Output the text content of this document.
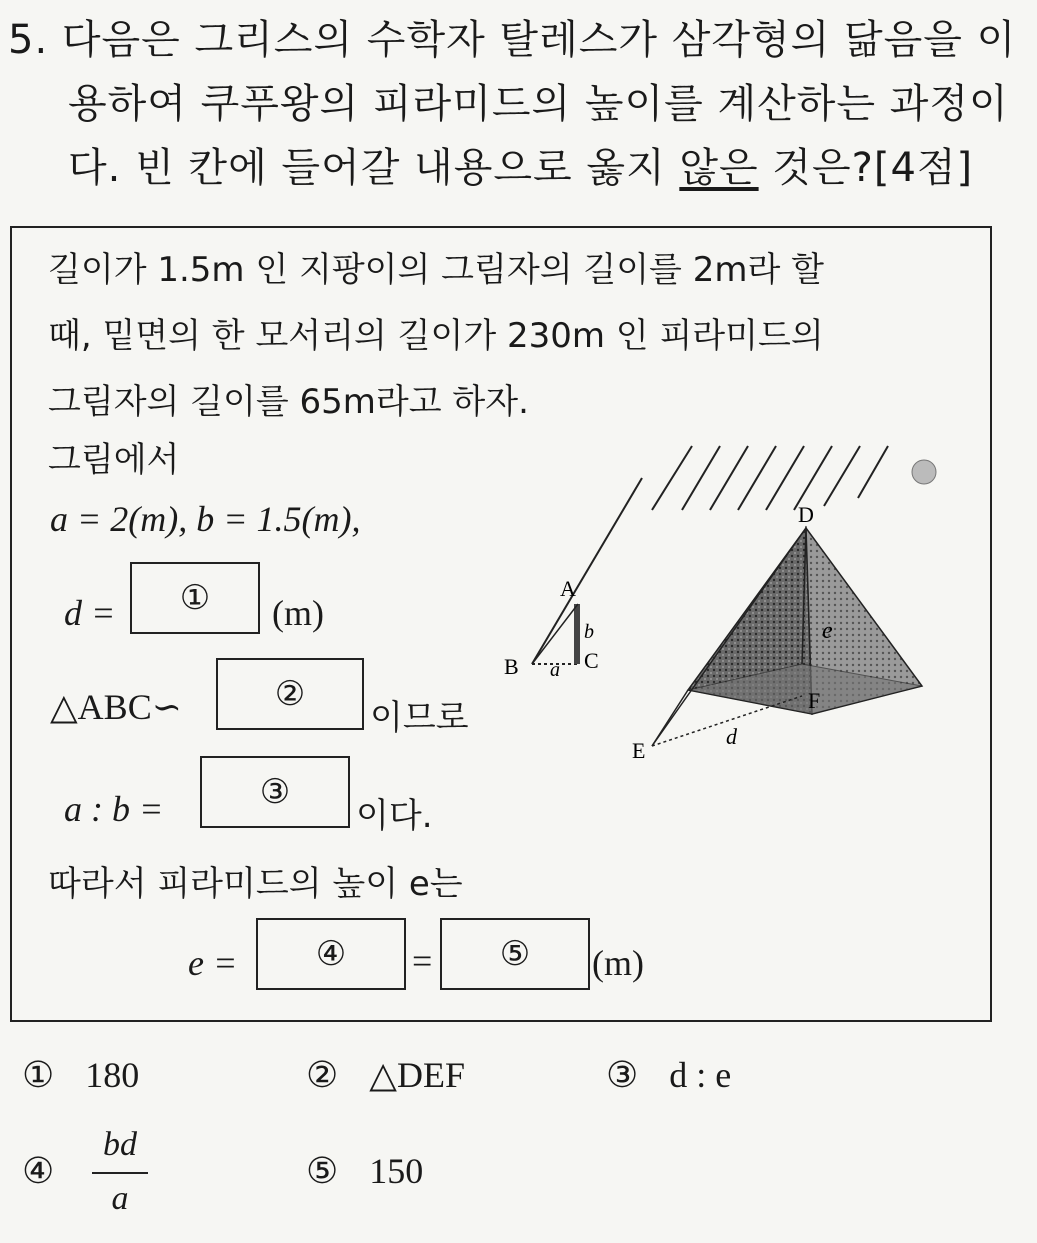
5. 다음은 그리스의 수학자 탈레스가 삼각형의 닮음을 이
용하여 쿠푸왕의 피라미드의 높이를 계산하는 과정이
다. 빈 칸에 들어갈 내용으로 옳지 않은 것은?[4점]
길이가 1.5m 인 지팡이의 그림자의 길이를 2m라 할
때, 밑면의 한 모서리의 길이가 230m 인 피라미드의
그림자의 길이를 65m라고 하자.
그림에서
a = 2(m), b = 1.5(m),
d =	①	(m)
△ABC∽	②
이므로
a : b =	③
이다.
따라서 피라미드의 높이 e는
e =	④	=	⑤	(m)
A
B	C
a
b
D
E
F
d
e
① 180	② △DEF	③ d : e
④
bd
a
⑤ 150
